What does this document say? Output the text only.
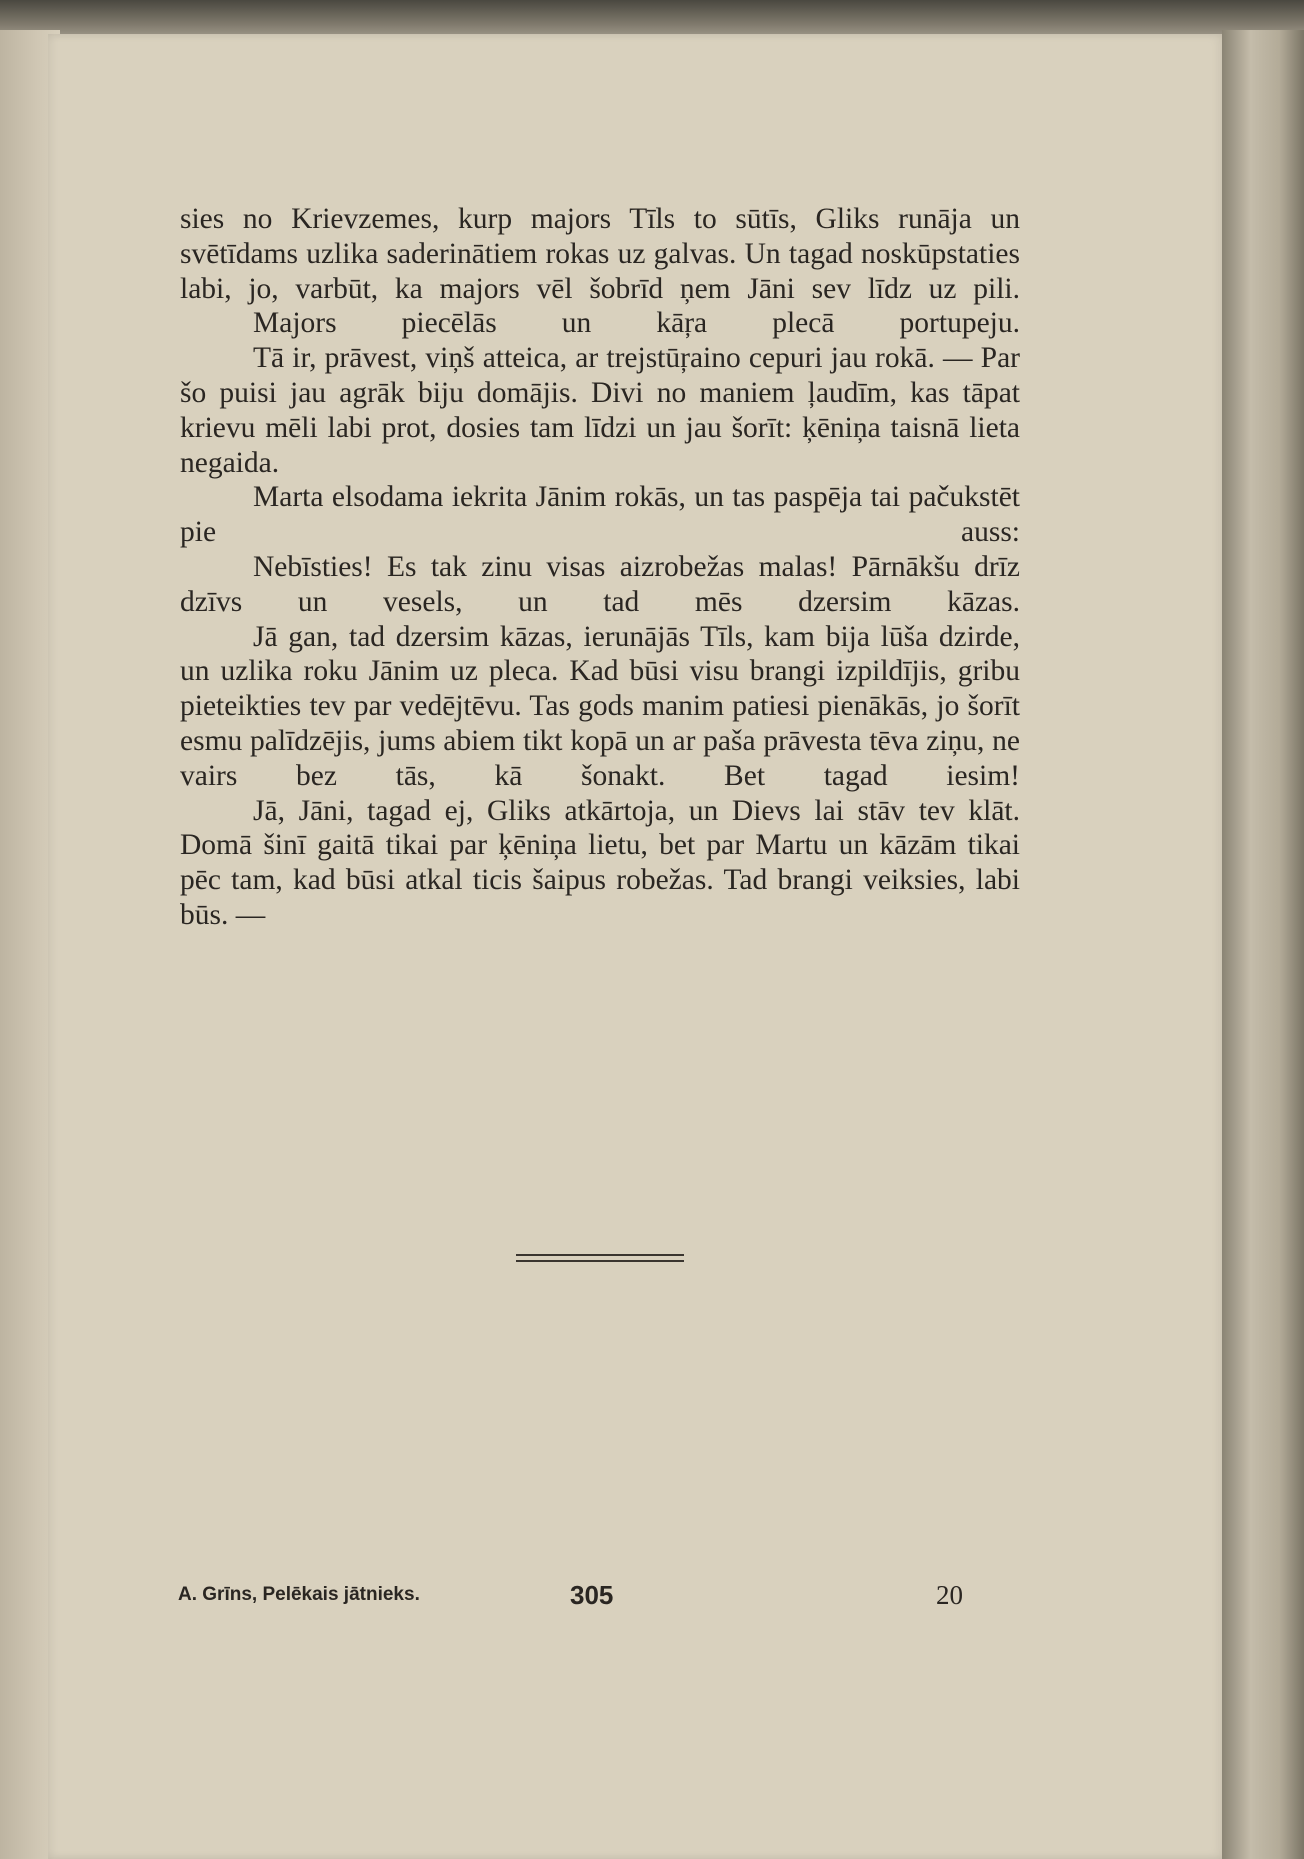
sies no Krievzemes, kurp majors Tīls to sūtīs, Gliks runāja un svētīdams uzlika saderinātiem rokas uz galvas. Un tagad noskūpstaties labi, jo, varbūt, ka majors vēl šobrīd ņem Jāni sev līdz uz pili.

Majors piecēlās un kāŗa plecā portupeju.

Tā ir, prāvest, viņš atteica, ar trejstūŗaino cepuri jau rokā. — Par šo puisi jau agrāk biju domājis. Divi no maniem ļaudīm, kas tāpat krievu mēli labi prot, dosies tam līdzi un jau šorīt: ķēniņa taisnā lieta negaida.

Marta elsodama iekrita Jānim rokās, un tas paspēja tai pačukstēt pie auss:

Nebīsties! Es tak zinu visas aizrobežas malas! Pārnākšu drīz dzīvs un vesels, un tad mēs dzersim kāzas.

Jā gan, tad dzersim kāzas, ierunājās Tīls, kam bija lūša dzirde, un uzlika roku Jānim uz pleca. Kad būsi visu brangi izpildījis, gribu pieteikties tev par vedējtēvu. Tas gods manim patiesi pienākās, jo šorīt esmu palīdzējis, jums abiem tikt kopā un ar paša prāvesta tēva ziņu, ne vairs bez tās, kā šonakt. Bet tagad iesim!

Jā, Jāni, tagad ej, Gliks atkārtoja, un Dievs lai stāv tev klāt. Domā šinī gaitā tikai par ķēniņa lietu, bet par Martu un kāzām tikai pēc tam, kad būsi atkal ticis šaipus robežas. Tad brangi veiksies, labi būs. —

A. Grīns, Pelēkais jātnieks.	305	20
